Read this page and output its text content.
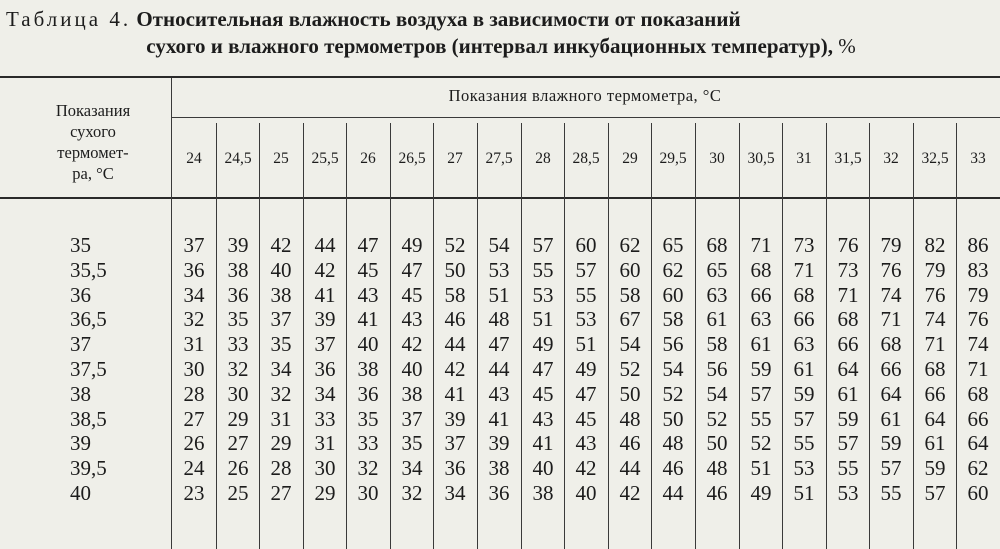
Таблица 4. Относительная влажность воздуха в зависимости от показаний
сухого и влажного термометров (интервал инкубационных температур), %
Показания
сухого
термомет-
ра, °С
Показания влажного термометра, °С
24	24,5	25	25,5	26	26,5	27	27,5	28	28,5	29	29,5	30	30,5	31	31,5	32	32,5	33
35	37	39	42	44	47	49	52	54	57	60	62	65	68	71	73	76	79	82	86
35,5	36	38	40	42	45	47	50	53	55	57	60	62	65	68	71	73	76	79	83
36	34	36	38	41	43	45	58	51	53	55	58	60	63	66	68	71	74	76	79
36,5	32	35	37	39	41	43	46	48	51	53	67	58	61	63	66	68	71	74	76
37	31	33	35	37	40	42	44	47	49	51	54	56	58	61	63	66	68	71	74
37,5	30	32	34	36	38	40	42	44	47	49	52	54	56	59	61	64	66	68	71
38	28	30	32	34	36	38	41	43	45	47	50	52	54	57	59	61	64	66	68
38,5	27	29	31	33	35	37	39	41	43	45	48	50	52	55	57	59	61	64	66
39	26	27	29	31	33	35	37	39	41	43	46	48	50	52	55	57	59	61	64
39,5	24	26	28	30	32	34	36	38	40	42	44	46	48	51	53	55	57	59	62
40	23	25	27	29	30	32	34	36	38	40	42	44	46	49	51	53	55	57	60
